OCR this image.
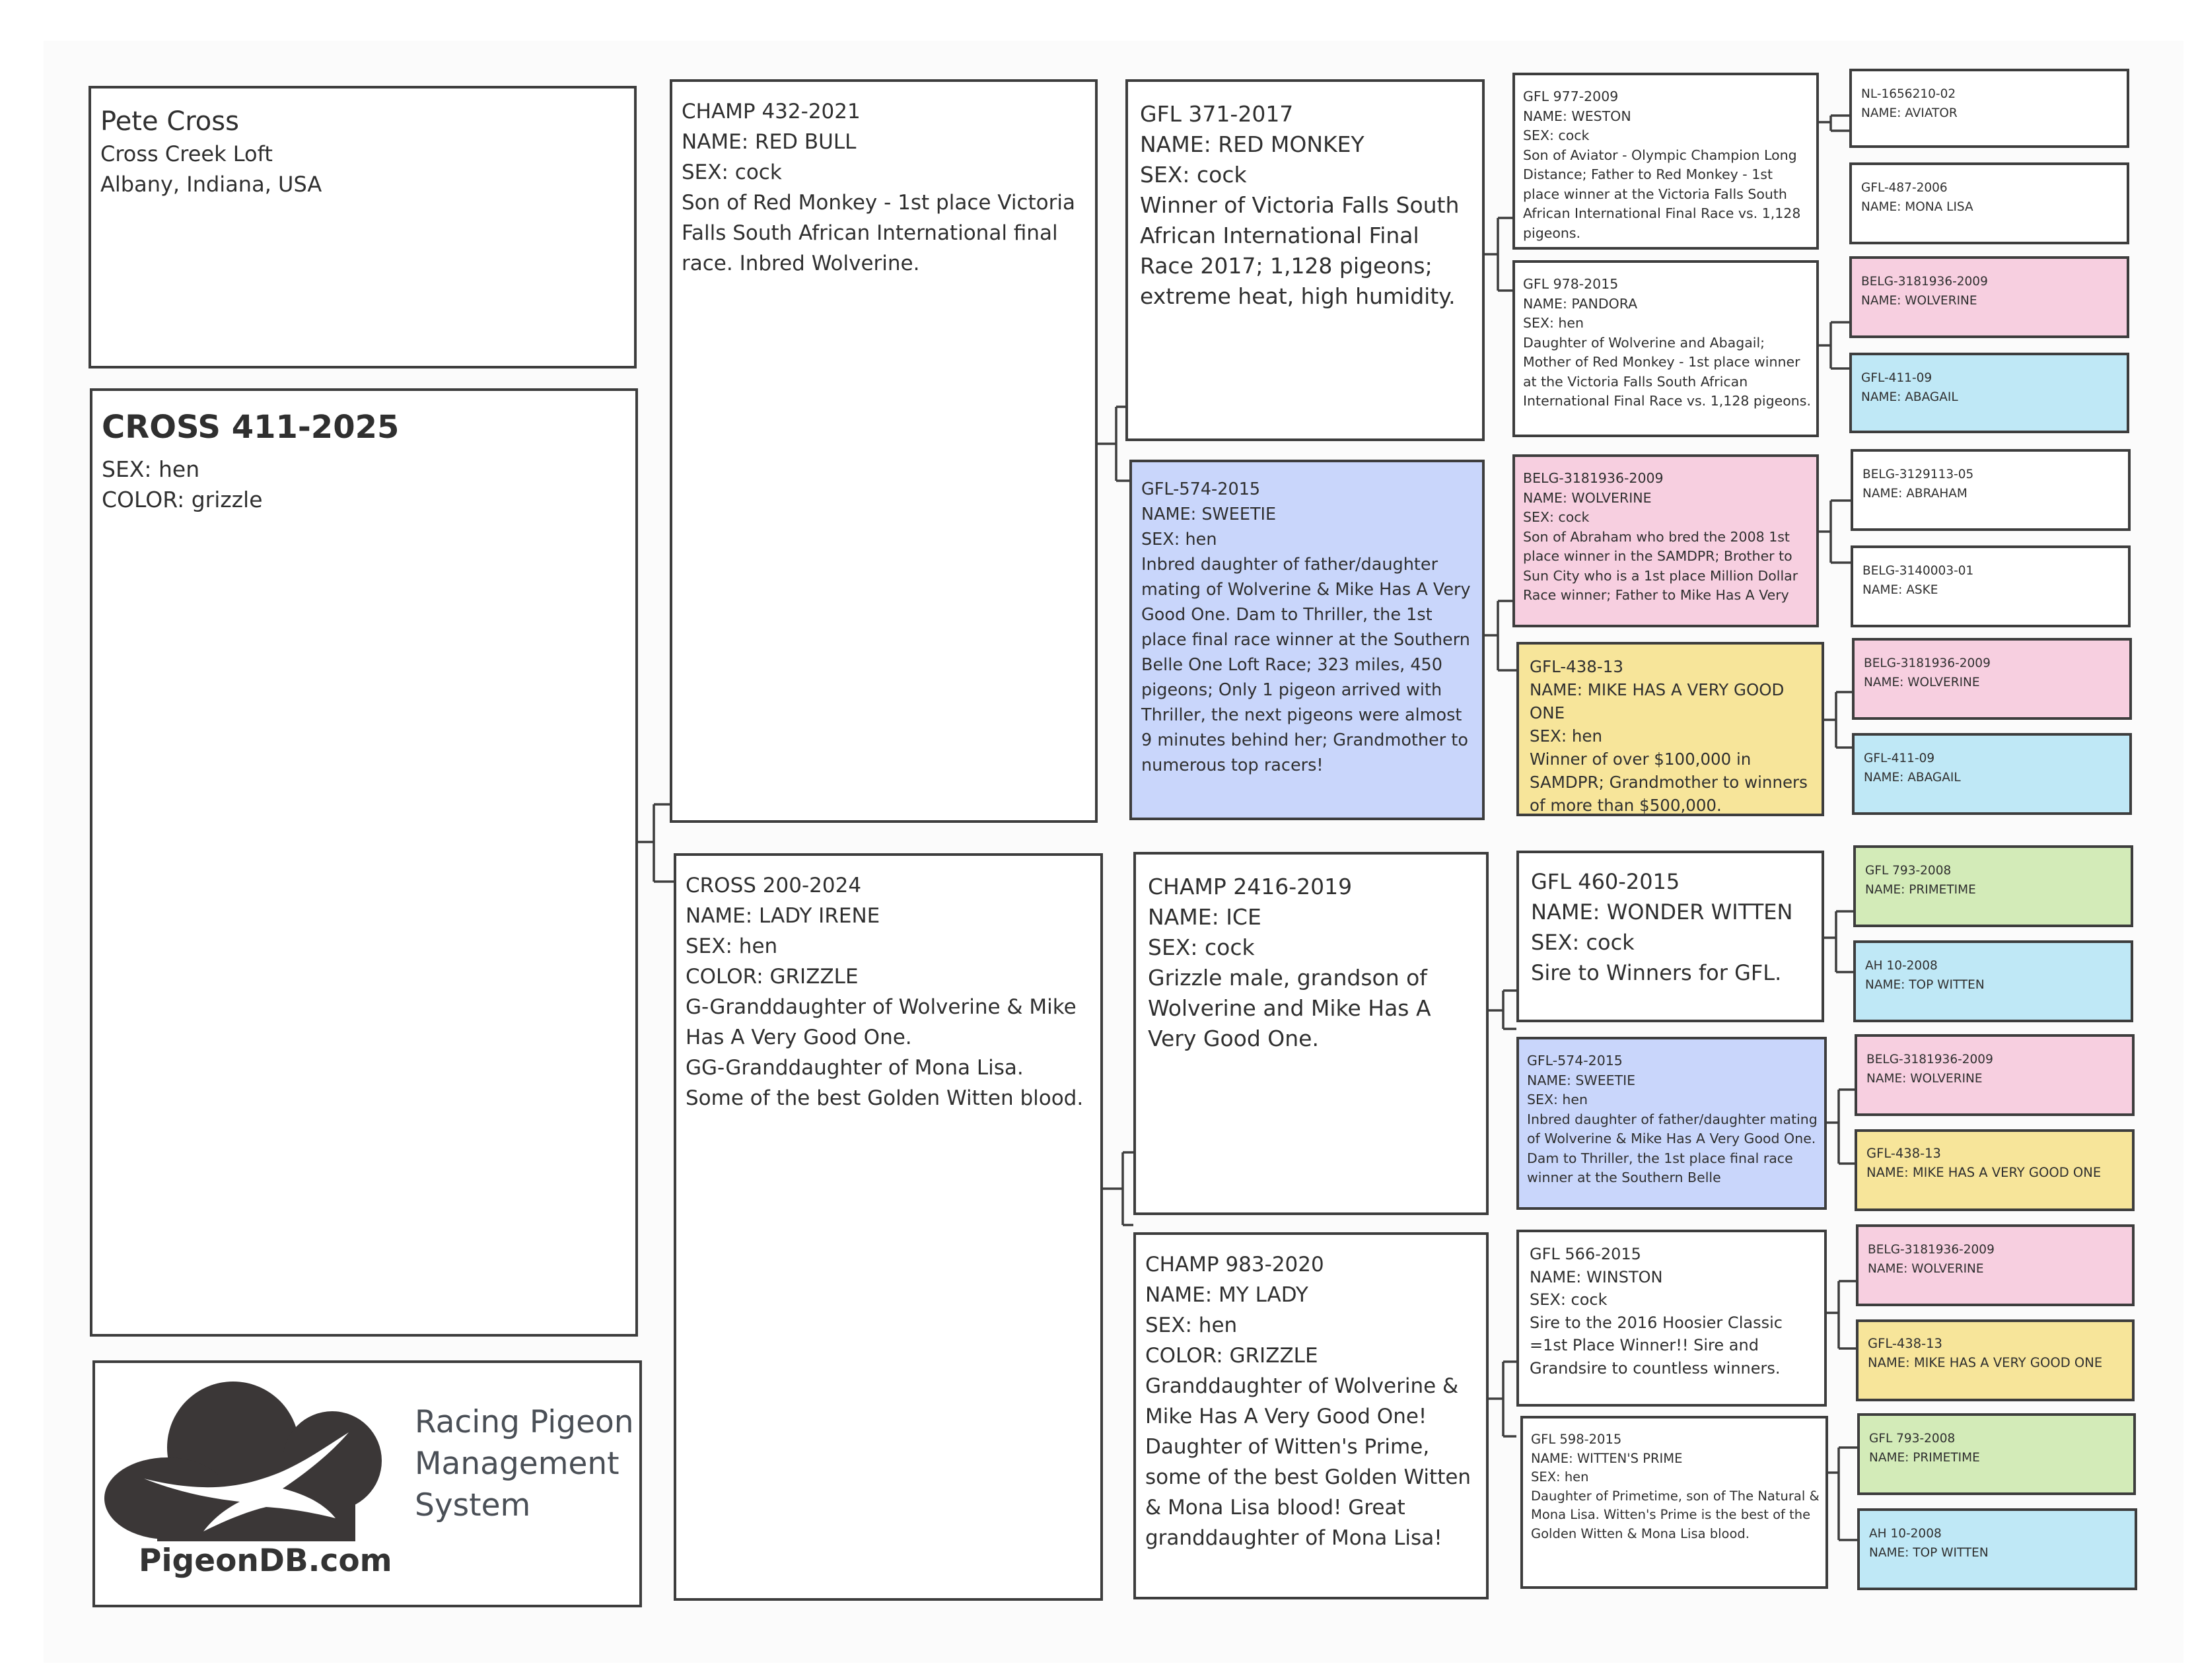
Pete Cross
Cross Creek Loft
Albany, Indiana, USA
CROSS 411-2025
SEX: hen
COLOR: grizzle
Racing Pigeon
Management
System
PigeonDB.com
CHAMP 432-2021
NAME: RED BULL
SEX: cock
Son of Red Monkey - 1st place Victoria Falls South African International final race. Inbred Wolverine.
CROSS 200-2024
NAME: LADY IRENE
SEX: hen
COLOR: GRIZZLE
G-Granddaughter of Wolverine & Mike Has A Very Good One.
GG-Granddaughter of Mona Lisa.
Some of the best Golden Witten blood.
GFL 371-2017
NAME: RED MONKEY
SEX: cock
Winner of Victoria Falls South African International Final Race 2017; 1,128 pigeons; extreme heat, high humidity.
GFL-574-2015
NAME: SWEETIE
SEX: hen
Inbred daughter of father/daughter mating of Wolverine & Mike Has A Very Good One. Dam to Thriller, the 1st place final race winner at the Southern Belle One Loft Race; 323 miles, 450 pigeons; Only 1 pigeon arrived with Thriller, the next pigeons were almost 9 minutes behind her; Grandmother to numerous top racers!
CHAMP 2416-2019
NAME: ICE
SEX: cock
Grizzle male, grandson of Wolverine and Mike Has A Very Good One.
CHAMP 983-2020
NAME: MY LADY
SEX: hen
COLOR: GRIZZLE
Granddaughter of Wolverine & Mike Has A Very Good One! Daughter of Witten's Prime, some of the best Golden Witten & Mona Lisa blood! Great granddaughter of Mona Lisa!
GFL 977-2009
NAME: WESTON
SEX: cock
Son of Aviator - Olympic Champion Long Distance; Father to Red Monkey - 1st place winner at the Victoria Falls South African International Final Race vs. 1,128 pigeons.
GFL 978-2015
NAME: PANDORA
SEX: hen
Daughter of Wolverine and Abagail; Mother of Red Monkey - 1st place winner at the Victoria Falls South African International Final Race vs. 1,128 pigeons.
BELG-3181936-2009
NAME: WOLVERINE
SEX: cock
Son of Abraham who bred the 2008 1st place winner in the SAMDPR; Brother to Sun City who is a 1st place Million Dollar Race winner; Father to Mike Has A Very
GFL-438-13
NAME: MIKE HAS A VERY GOOD ONE
SEX: hen
Winner of over $100,000 in SAMDPR; Grandmother to winners of more than $500,000.
GFL 460-2015
NAME: WONDER WITTEN
SEX: cock
Sire to Winners for GFL.
GFL-574-2015
NAME: SWEETIE
SEX: hen
Inbred daughter of father/daughter mating of Wolverine & Mike Has A Very Good One. Dam to Thriller, the 1st place final race winner at the Southern Belle
GFL 566-2015
NAME: WINSTON
SEX: cock
Sire to the 2016 Hoosier Classic =1st Place Winner!! Sire and Grandsire to countless winners.
GFL 598-2015
NAME: WITTEN'S PRIME
SEX: hen
Daughter of Primetime, son of The Natural & Mona Lisa. Witten's Prime is the best of the Golden Witten & Mona Lisa blood.
NL-1656210-02
NAME: AVIATOR
GFL-487-2006
NAME: MONA LISA
BELG-3181936-2009
NAME: WOLVERINE
GFL-411-09
NAME: ABAGAIL
BELG-3129113-05
NAME: ABRAHAM
BELG-3140003-01
NAME: ASKE
BELG-3181936-2009
NAME: WOLVERINE
GFL-411-09
NAME: ABAGAIL
GFL 793-2008
NAME: PRIMETIME
AH 10-2008
NAME: TOP WITTEN
BELG-3181936-2009
NAME: WOLVERINE
GFL-438-13
NAME: MIKE HAS A VERY GOOD ONE
BELG-3181936-2009
NAME: WOLVERINE
GFL-438-13
NAME: MIKE HAS A VERY GOOD ONE
GFL 793-2008
NAME: PRIMETIME
AH 10-2008
NAME: TOP WITTEN
